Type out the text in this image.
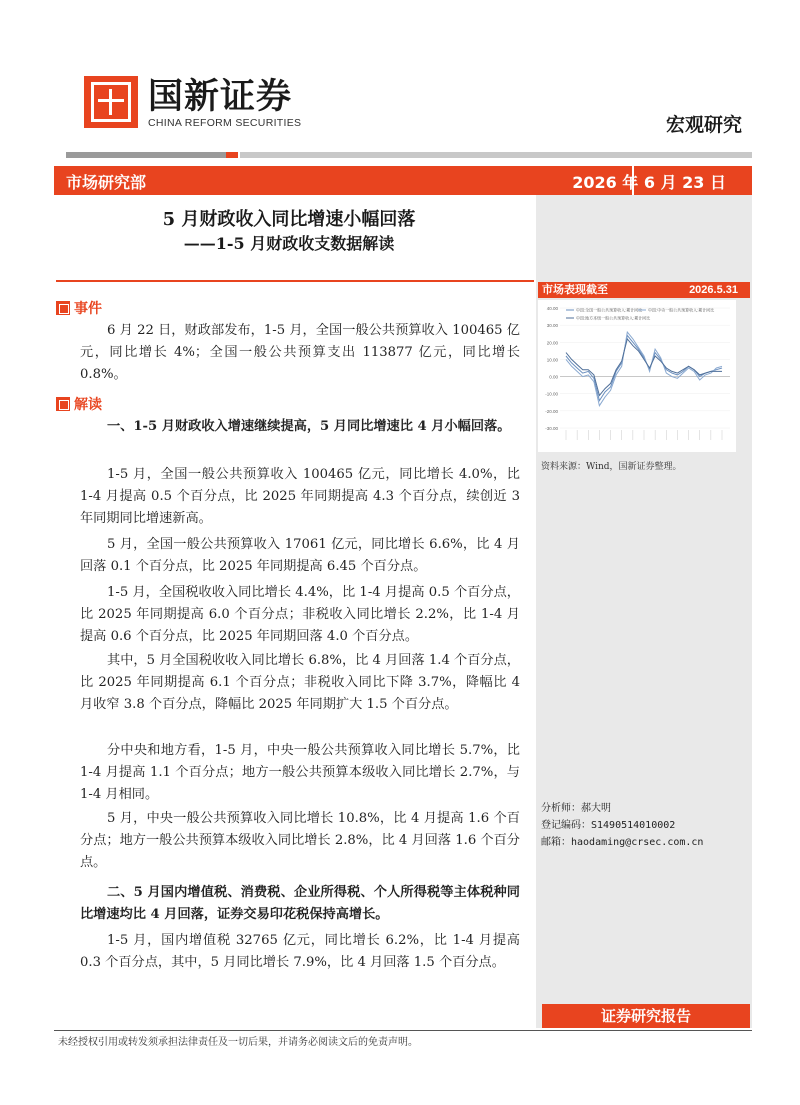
国新证券
CHINA REFORM SECURITIES	宏观研究
市场研究部	2026 年 6 月 23 日
市场表现截至	2026.5.31
40.00
30.00
20.00
10.00
0.00
-10.00
-20.00
-30.00
中国:全国一般公共预算收入:累计同比 中国:中央一般公共预算收入:累计同比
中国:地方本级一般公共预算收入:累计同比
资料来源：Wind，国新证券整理。
分析师：郝大明
登记编码：S1490514010002
邮箱：haodaming@crsec.com.cn
证券研究报告
5 月财政收入同比增速小幅回落
——1-5 月财政收支数据解读
事件
6 月 22 日，财政部发布，1-5 月，全国一般公共预算收入 100465 亿元，同比增长 4%；全国一般公共预算支出 113877 亿元，同比增长 0.8%。
解读
一、1-5 月财政收入增速继续提高，5 月同比增速比 4 月小幅回落。
1-5 月，全国一般公共预算收入 100465 亿元，同比增长 4.0%，比 1-4 月提高 0.5 个百分点，比 2025 年同期提高 4.3 个百分点，续创近 3 年同期同比增速新高。
5 月，全国一般公共预算收入 17061 亿元，同比增长 6.6%，比 4 月回落 0.1 个百分点，比 2025 年同期提高 6.45 个百分点。
1-5 月，全国税收收入同比增长 4.4%，比 1-4 月提高 0.5 个百分点，比 2025 年同期提高 6.0 个百分点；非税收入同比增长 2.2%，比 1-4 月提高 0.6 个百分点，比 2025 年同期回落 4.0 个百分点。
其中，5 月全国税收收入同比增长 6.8%，比 4 月回落 1.4 个百分点，比 2025 年同期提高 6.1 个百分点；非税收入同比下降 3.7%，降幅比 4 月收窄 3.8 个百分点，降幅比 2025 年同期扩大 1.5 个百分点。
分中央和地方看，1-5 月，中央一般公共预算收入同比增长 5.7%，比 1-4 月提高 1.1 个百分点；地方一般公共预算本级收入同比增长 2.7%，与 1-4 月相同。
5 月，中央一般公共预算收入同比增长 10.8%，比 4 月提高 1.6 个百分点；地方一般公共预算本级收入同比增长 2.8%，比 4 月回落 1.6 个百分点。
二、5 月国内增值税、消费税、企业所得税、个人所得税等主体税种同比增速均比 4 月回落，证券交易印花税保持高增长。
1-5 月，国内增值税 32765 亿元，同比增长 6.2%，比 1-4 月提高 0.3 个百分点，其中，5 月同比增长 7.9%，比 4 月回落 1.5 个百分点。
未经授权引用或转发须承担法律责任及一切后果，并请务必阅读文后的免责声明。
